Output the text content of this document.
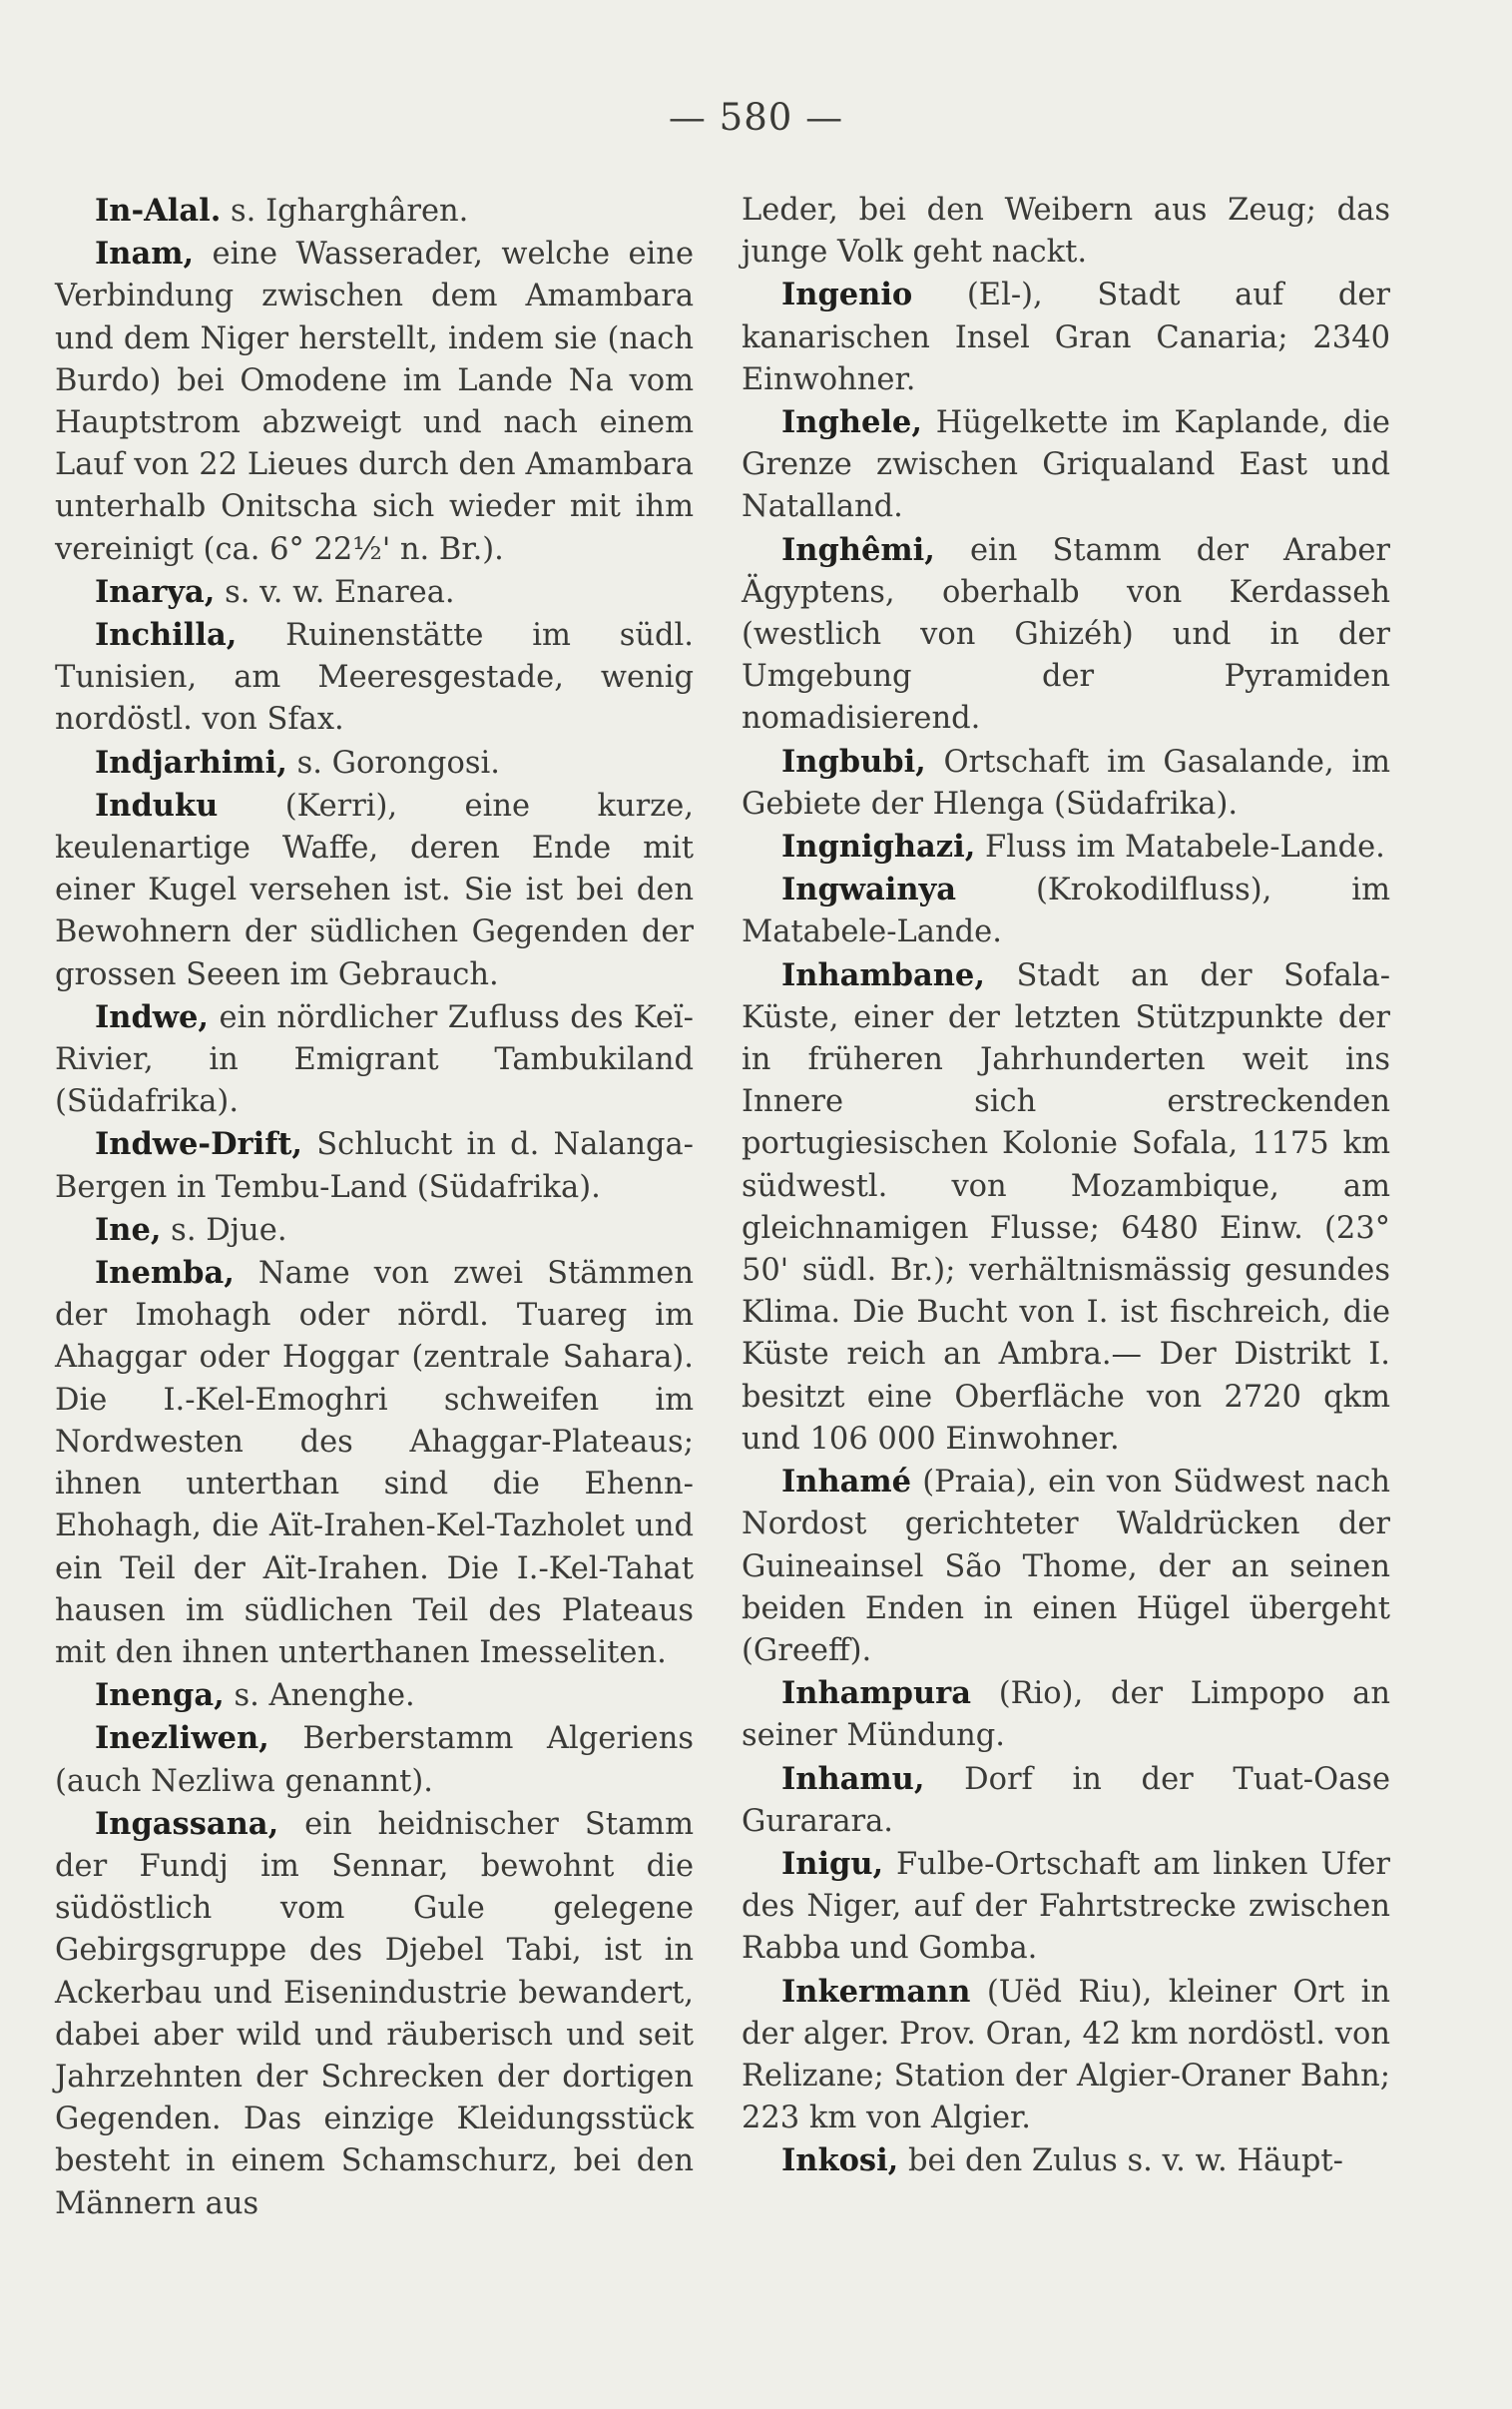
— 580 —

In-Alal. s. Igharghâren.

Inam, eine Wasserader, welche eine Verbindung zwischen dem Amambara und dem Niger herstellt, indem sie (nach Burdo) bei Omodene im Lande Na vom Hauptstrom abzweigt und nach einem Lauf von 22 Lieues durch den Amambara unterhalb Onitscha sich wieder mit ihm vereinigt (ca. 6° 22½' n. Br.).

Inarya, s. v. w. Enarea.

Inchilla, Ruinenstätte im südl. Tunisien, am Meeresgestade, wenig nordöstl. von Sfax.

Indjarhimi, s. Gorongosi.

Induku (Kerri), eine kurze, keulenartige Waffe, deren Ende mit einer Kugel versehen ist. Sie ist bei den Bewohnern der südlichen Gegenden der grossen Seeen im Gebrauch.

Indwe, ein nördlicher Zufluss des Keï-Rivier, in Emigrant Tambukiland (Südafrika).

Indwe-Drift, Schlucht in d. Nalanga-Bergen in Tembu-Land (Südafrika).

Ine, s. Djue.

Inemba, Name von zwei Stämmen der Imohagh oder nördl. Tuareg im Ahaggar oder Hoggar (zentrale Sahara). Die I.-Kel-Emoghri schweifen im Nordwesten des Ahaggar-Plateaus; ihnen unterthan sind die Ehenn-Ehohagh, die Aït-Irahen-Kel-Tazholet und ein Teil der Aït-Irahen. Die I.-Kel-Tahat hausen im südlichen Teil des Plateaus mit den ihnen unterthanen Imesseliten.

Inenga, s. Anenghe.

Inezliwen, Berberstamm Algeriens (auch Nezliwa genannt).

Ingassana, ein heidnischer Stamm der Fundj im Sennar, bewohnt die südöstlich vom Gule gelegene Gebirgsgruppe des Djebel Tabi, ist in Ackerbau und Eisenindustrie bewandert, dabei aber wild und räuberisch und seit Jahrzehnten der Schrecken der dortigen Gegenden. Das einzige Kleidungsstück besteht in einem Schamschurz, bei den Männern aus

Leder, bei den Weibern aus Zeug; das junge Volk geht nackt.

Ingenio (El-), Stadt auf der kanarischen Insel Gran Canaria; 2340 Einwohner.

Inghele, Hügelkette im Kaplande, die Grenze zwischen Griqualand East und Natalland.

Inghêmi, ein Stamm der Araber Ägyptens, oberhalb von Kerdasseh (westlich von Ghizéh) und in der Umgebung der Pyramiden nomadisierend.

Ingbubi, Ortschaft im Gasalande, im Gebiete der Hlenga (Südafrika).

Ingnighazi, Fluss im Matabele-Lande.

Ingwainya	(Krokodilfluss), im Matabele-Lande.

Inhambane, Stadt an der Sofala-Küste, einer der letzten Stützpunkte der in früheren Jahrhunderten weit ins Innere sich erstreckenden portugiesischen Kolonie Sofala, 1175 km südwestl. von Mozambique, am gleichnamigen Flusse; 6480 Einw. (23° 50' südl. Br.); verhältnismässig gesundes Klima. Die Bucht von I. ist fischreich, die Küste reich an Ambra.— Der Distrikt I. besitzt eine Oberfläche von 2720 qkm und 106 000 Einwohner.

Inhamé (Praia), ein von Südwest nach Nordost gerichteter Waldrücken der Guineainsel São Thome, der an seinen beiden Enden in einen Hügel übergeht (Greeff).

Inhampura (Rio), der Limpopo an seiner Mündung.

Inhamu, Dorf in der Tuat-Oase Gurarara.

Inigu, Fulbe-Ortschaft am linken Ufer des Niger, auf der Fahrtstrecke zwischen Rabba und Gomba.

Inkermann (Uëd Riu), kleiner Ort in der alger. Prov. Oran, 42 km nordöstl. von Relizane; Station der Algier-Oraner Bahn; 223 km von Algier.

Inkosi, bei den Zulus s. v. w. Häupt-
